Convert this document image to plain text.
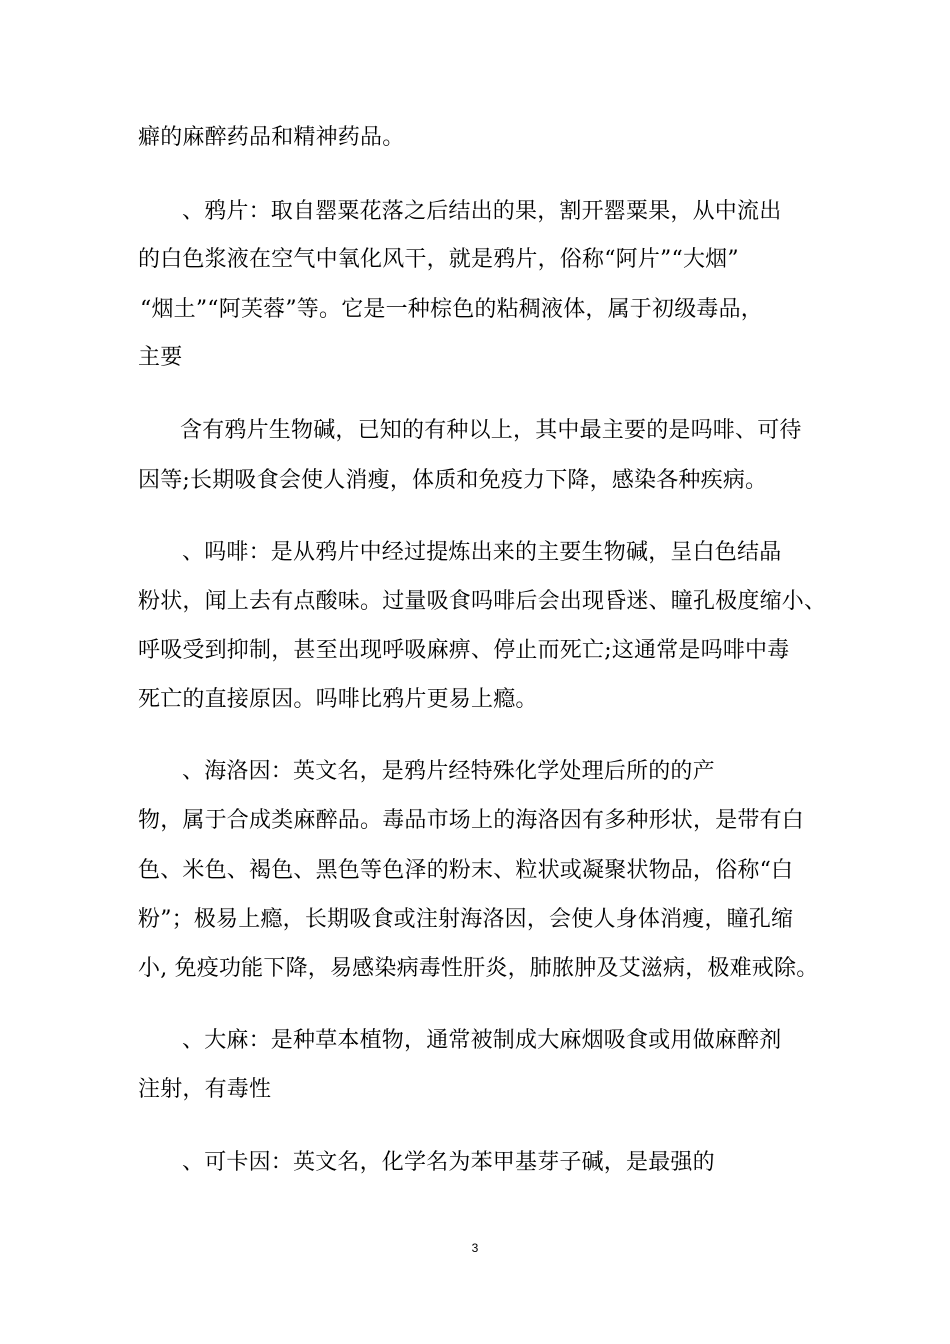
癖的麻醉药品和精神药品。
、鸦片：取自罂粟花落之后结出的果，割开罂粟果，从中流出
的白色浆液在空气中氧化风干，就是鸦片，俗称“阿片”“大烟”
“烟土”“阿芙蓉”等。它是一种棕色的粘稠液体，属于初级毒品，
主要
含有鸦片生物碱，已知的有种以上，其中最主要的是吗啡、可待
因等;长期吸食会使人消瘦，体质和免疫力下降，感染各种疾病。
、吗啡：是从鸦片中经过提炼出来的主要生物碱，呈白色结晶
粉状，闻上去有点酸味。过量吸食吗啡后会出现昏迷、瞳孔极度缩小、
呼吸受到抑制，甚至出现呼吸麻痹、停止而死亡;这通常是吗啡中毒
死亡的直接原因。吗啡比鸦片更易上瘾。
、海洛因：英文名，是鸦片经特殊化学处理后所的的产
物，属于合成类麻醉品。毒品市场上的海洛因有多种形状，是带有白
色、米色、褐色、黑色等色泽的粉末、粒状或凝聚状物品，俗称“白
粉”；极易上瘾，长期吸食或注射海洛因，会使人身体消瘦，瞳孔缩
小, 免疫功能下降，易感染病毒性肝炎，肺脓肿及艾滋病，极难戒除。
、大麻：是种草本植物，通常被制成大麻烟吸食或用做麻醉剂
注射，有毒性
、可卡因：英文名，化学名为苯甲基芽子碱，是最强的
3
